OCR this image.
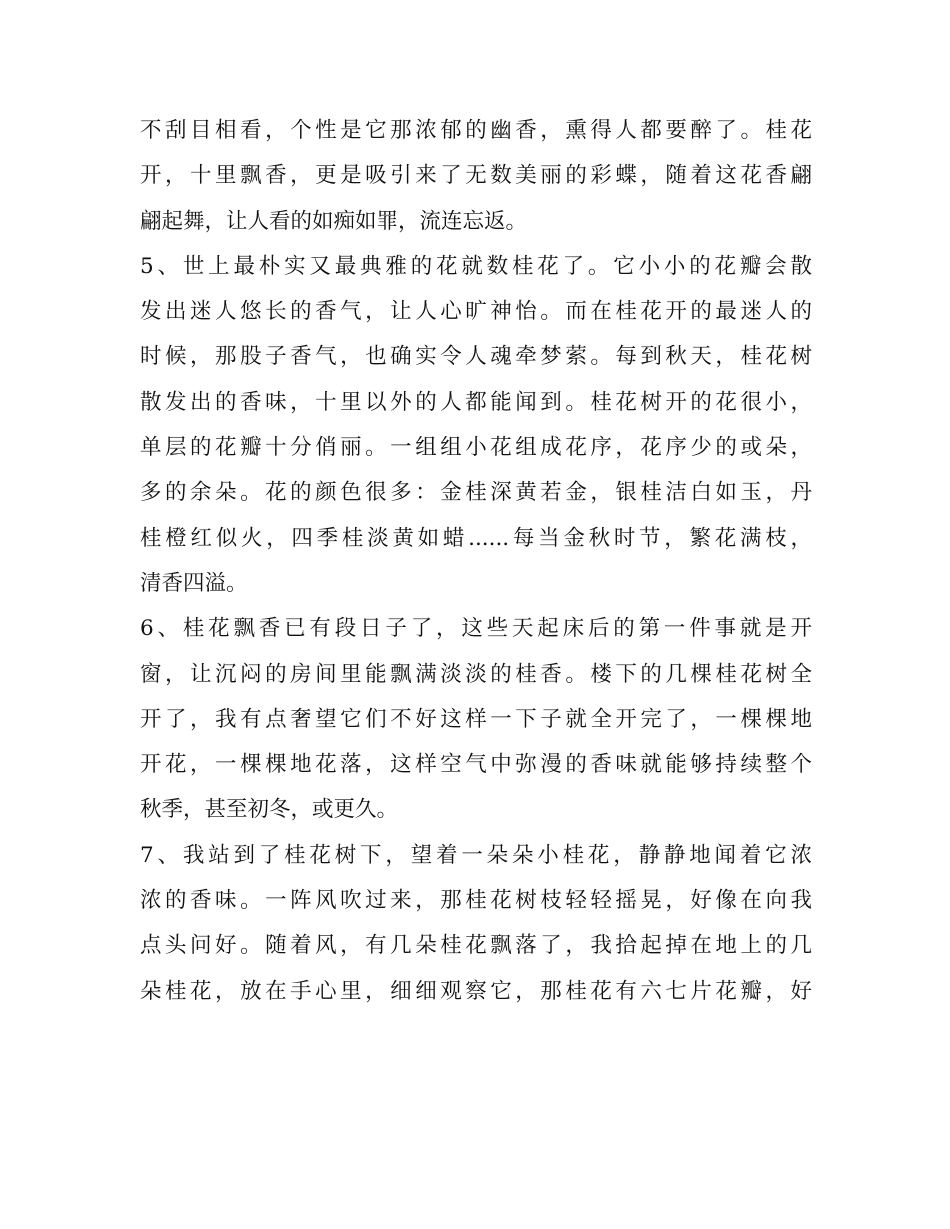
不刮目相看，个性是它那浓郁的幽香，熏得人都要醉了。桂花
开，十里飘香，更是吸引来了无数美丽的彩蝶，随着这花香翩
翩起舞，让人看的如痴如罪，流连忘返。
5、世上最朴实又最典雅的花就数桂花了。它小小的花瓣会散
发出迷人悠长的香气，让人心旷神怡。而在桂花开的最迷人的
时候，那股子香气，也确实令人魂牵梦萦。每到秋天，桂花树
散发出的香味，十里以外的人都能闻到。桂花树开的花很小，
单层的花瓣十分俏丽。一组组小花组成花序，花序少的或朵，
多的余朵。花的颜色很多：金桂深黄若金，银桂洁白如玉，丹
桂橙红似火，四季桂淡黄如蜡......每当金秋时节，繁花满枝，
清香四溢。
6、桂花飘香已有段日子了，这些天起床后的第一件事就是开
窗，让沉闷的房间里能飘满淡淡的桂香。楼下的几棵桂花树全
开了，我有点奢望它们不好这样一下子就全开完了，一棵棵地
开花，一棵棵地花落，这样空气中弥漫的香味就能够持续整个
秋季，甚至初冬，或更久。
7、我站到了桂花树下，望着一朵朵小桂花，静静地闻着它浓
浓的香味。一阵风吹过来，那桂花树枝轻轻摇晃，好像在向我
点头问好。随着风，有几朵桂花飘落了，我拾起掉在地上的几
朵桂花，放在手心里，细细观察它，那桂花有六七片花瓣，好
